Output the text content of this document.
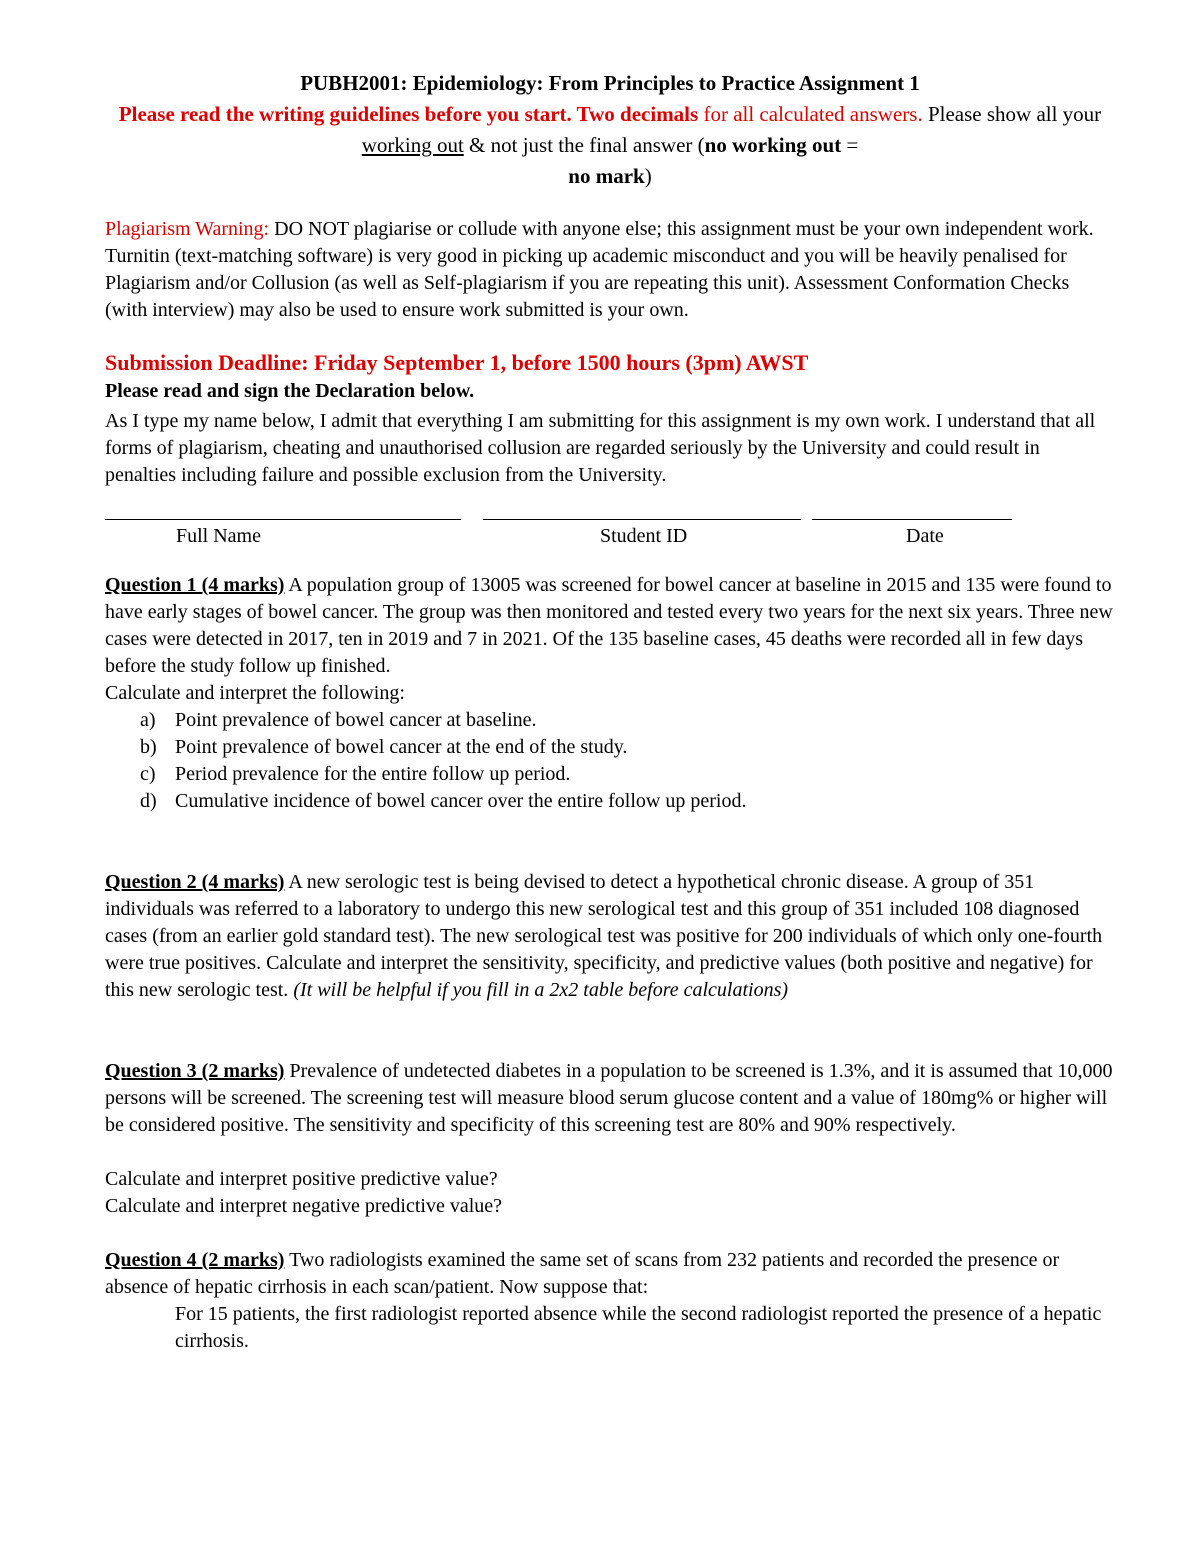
PUBH2001: Epidemiology: From Principles to Practice Assignment 1

Please read the writing guidelines before you start. Two decimals for all calculated answers. Please show all your working out & not just the final answer (no working out =
no mark)

Plagiarism Warning: DO NOT plagiarise or collude with anyone else; this assignment must be your own independent work. Turnitin (text-matching software) is very good in picking up academic misconduct and you will be heavily penalised for Plagiarism and/or Collusion (as well as Self-plagiarism if you are repeating this unit). Assessment Conformation Checks (with interview) may also be used to ensure work submitted is your own.

Submission Deadline: Friday September 1, before 1500 hours (3pm) AWST

Please read and sign the Declaration below.

As I type my name below, I admit that everything I am submitting for this assignment is my own work. I understand that all forms of plagiarism, cheating and unauthorised collusion are regarded seriously by the University and could result in penalties including failure and possible exclusion from the University.

Full Name	Student ID	Date

Question 1 (4 marks) A population group of 13005 was screened for bowel cancer at baseline in 2015 and 135 were found to have early stages of bowel cancer. The group was then monitored and tested every two years for the next six years. Three new cases were detected in 2017, ten in 2019 and 7 in 2021. Of the 135 baseline cases, 45 deaths were recorded all in few days before the study follow up finished.

Calculate and interpret the following:

a) Point prevalence of bowel cancer at baseline.
b) Point prevalence of bowel cancer at the end of the study.
c) Period prevalence for the entire follow up period.
d) Cumulative incidence of bowel cancer over the entire follow up period.

Question 2 (4 marks) A new serologic test is being devised to detect a hypothetical chronic disease. A group of 351 individuals was referred to a laboratory to undergo this new serological test and this group of 351 included 108 diagnosed cases (from an earlier gold standard test). The new serological test was positive for 200 individuals of which only one-fourth were true positives. Calculate and interpret the sensitivity, specificity, and predictive values (both positive and negative) for this new serologic test. (It will be helpful if you fill in a 2x2 table before calculations)

Question 3 (2 marks) Prevalence of undetected diabetes in a population to be screened is 1.3%, and it is assumed that 10,000 persons will be screened. The screening test will measure blood serum glucose content and a value of 180mg% or higher will be considered positive. The sensitivity and specificity of this screening test are 80% and 90% respectively.

Calculate and interpret positive predictive value?

Calculate and interpret negative predictive value?

Question 4 (2 marks) Two radiologists examined the same set of scans from 232 patients and recorded the presence or absence of hepatic cirrhosis in each scan/patient. Now suppose that:

For 15 patients, the first radiologist reported absence while the second radiologist reported the presence of a hepatic cirrhosis.
